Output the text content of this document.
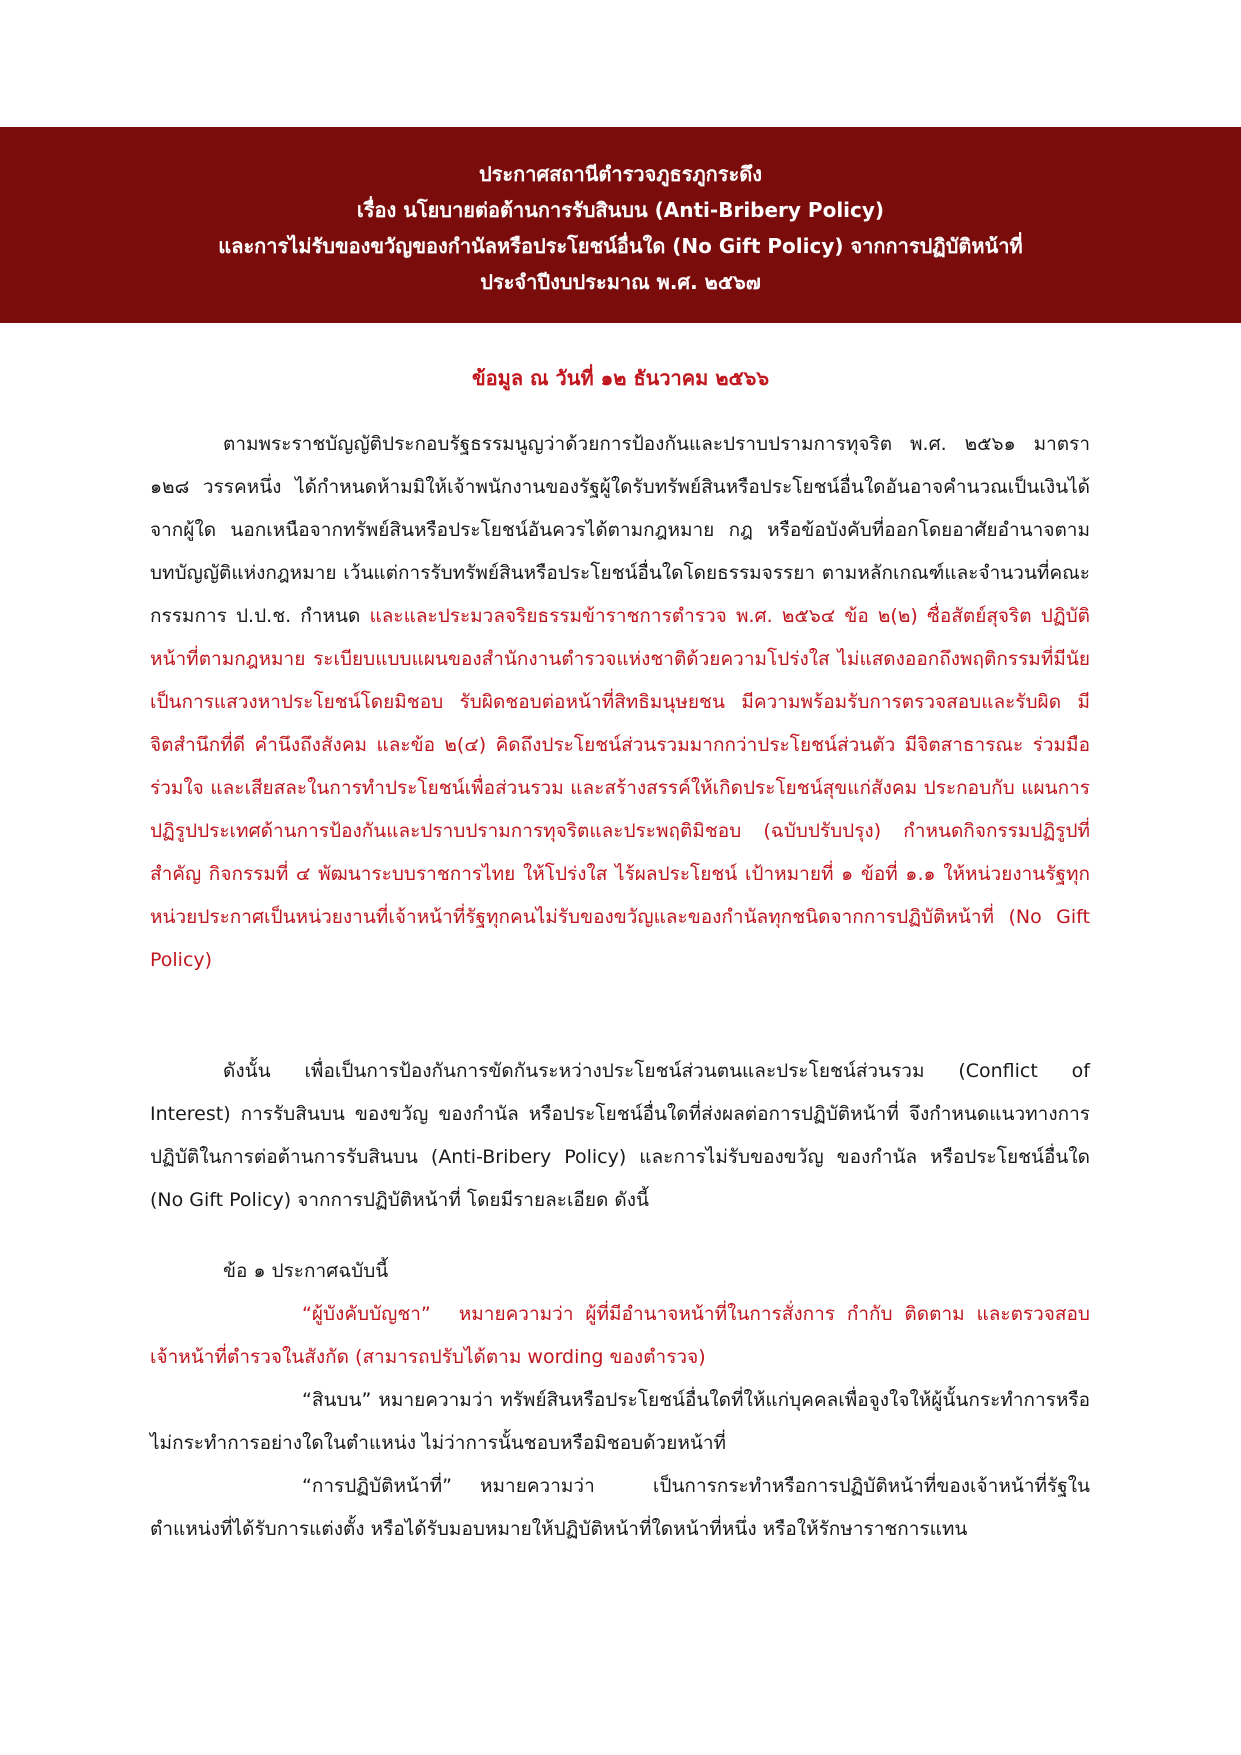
ประกาศสถานีตำรวจภูธรภูกระดึง
เรื่อง นโยบายต่อต้านการรับสินบน (Anti-Bribery Policy)
และการไม่รับของขวัญของกำนัลหรือประโยชน์อื่นใด (No Gift Policy) จากการปฏิบัติหน้าที่
ประจำปีงบประมาณ พ.ศ. ๒๕๖๗
ข้อมูล ณ วันที่ ๑๒ ธันวาคม ๒๕๖๖

ตามพระราชบัญญัติประกอบรัฐธรรมนูญว่าด้วยการป้องกันและปราบปรามการทุจริต พ.ศ. ๒๕๖๑ มาตรา ๑๒๘ วรรคหนึ่ง ได้กำหนดห้ามมิให้เจ้าพนักงานของรัฐผู้ใดรับทรัพย์สินหรือประโยชน์อื่นใดอันอาจคำนวณเป็นเงินได้จากผู้ใด นอกเหนือจากทรัพย์สินหรือประโยชน์อันควรได้ตามกฎหมาย กฎ หรือข้อบังคับที่ออกโดยอาศัยอำนาจตามบทบัญญัติแห่งกฎหมาย เว้นแต่การรับทรัพย์สินหรือประโยชน์อื่นใดโดยธรรมจรรยา ตามหลักเกณฑ์และจำนวนที่คณะกรรมการ ป.ป.ช. กำหนด และและประมวลจริยธรรมข้าราชการตำรวจ พ.ศ. ๒๕๖๔ ข้อ ๒(๒) ซื่อสัตย์สุจริต ปฏิบัติหน้าที่ตามกฎหมาย ระเบียบแบบแผนของสำนักงานตำรวจแห่งชาติด้วยความโปร่งใส ไม่แสดงออกถึงพฤติกรรมที่มีนัยเป็นการแสวงหาประโยชน์โดยมิชอบ รับผิดชอบต่อหน้าที่สิทธิมนุษยชน มีความพร้อมรับการตรวจสอบและรับผิด มีจิตสำนึกที่ดี คำนึงถึงสังคม และข้อ ๒(๔) คิดถึงประโยชน์ส่วนรวมมากกว่าประโยชน์ส่วนตัว มีจิตสาธารณะ ร่วมมือ ร่วมใจ และเสียสละในการทำประโยชน์เพื่อส่วนรวม และสร้างสรรค์ให้เกิดประโยชน์สุขแก่สังคม ประกอบกับ แผนการปฏิรูปประเทศด้านการป้องกันและปราบปรามการทุจริตและประพฤติมิชอบ (ฉบับปรับปรุง) กำหนดกิจกรรมปฏิรูปที่สำคัญ กิจกรรมที่ ๔ พัฒนาระบบราชการไทย ให้โปร่งใส ไร้ผลประโยชน์ เป้าหมายที่ ๑ ข้อที่ ๑.๑ ให้หน่วยงานรัฐทุกหน่วยประกาศเป็นหน่วยงานที่เจ้าหน้าที่รัฐทุกคนไม่รับของขวัญและของกำนัลทุกชนิดจากการปฏิบัติหน้าที่ (No Gift Policy)

ดังนั้น เพื่อเป็นการป้องกันการขัดกันระหว่างประโยชน์ส่วนตนและประโยชน์ส่วนรวม (Conflict of Interest) การรับสินบน ของขวัญ ของกำนัล หรือประโยชน์อื่นใดที่ส่งผลต่อการปฏิบัติหน้าที่ จึงกำหนดแนวทางการปฏิบัติในการต่อต้านการรับสินบน (Anti-Bribery Policy) และการไม่รับของขวัญ ของกำนัล หรือประโยชน์อื่นใด (No Gift Policy) จากการปฏิบัติหน้าที่ โดยมีรายละเอียด ดังนี้

ข้อ ๑ ประกาศฉบับนี้
“ผู้บังคับบัญชา” หมายความว่า ผู้ที่มีอำนาจหน้าที่ในการสั่งการ กำกับ ติดตาม และตรวจสอบเจ้าหน้าที่ตำรวจในสังกัด (สามารถปรับได้ตาม wording ของตำรวจ)
“สินบน” หมายความว่า ทรัพย์สินหรือประโยชน์อื่นใดที่ให้แก่บุคคลเพื่อจูงใจให้ผู้นั้นกระทำการหรือไม่กระทำการอย่างใดในตำแหน่ง ไม่ว่าการนั้นชอบหรือมิชอบด้วยหน้าที่
“การปฏิบัติหน้าที่” หมายความว่า เป็นการกระทำหรือการปฏิบัติหน้าที่ของเจ้าหน้าที่รัฐในตำแหน่งที่ได้รับการแต่งตั้ง หรือได้รับมอบหมายให้ปฏิบัติหน้าที่ใดหน้าที่หนึ่ง หรือให้รักษาราชการแทน
